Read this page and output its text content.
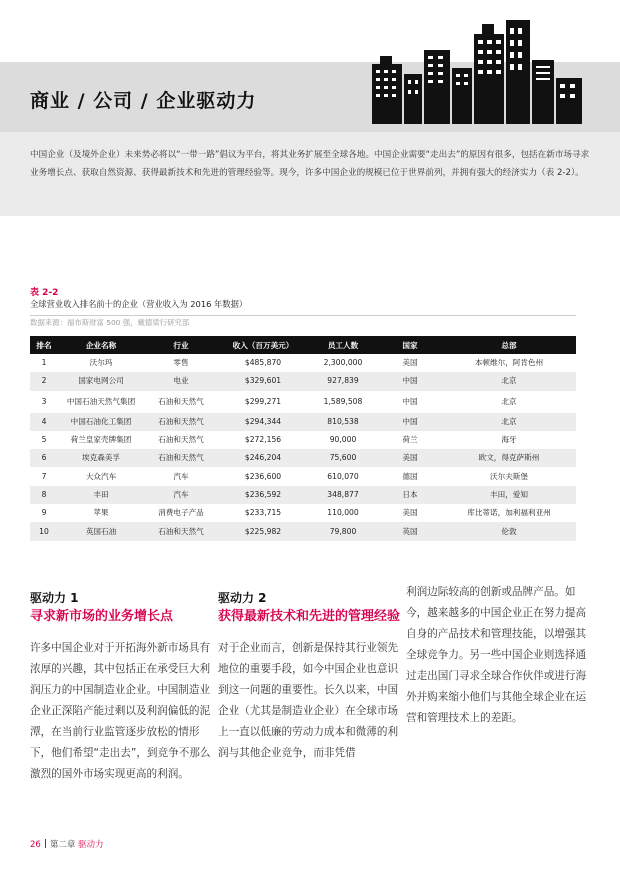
商业 / 公司 / 企业驱动力
中国企业（及境外企业）未来势必将以“一带一路”倡议为平台，将其业务扩展至全球各地。中国企业需要“走出去”的原因有很多，包括在新市场寻求业务增长点、获取自然资源、获得最新技术和先进的管理经验等。现今，许多中国企业的规模已位于世界前列，并拥有强大的经济实力（表 2-2）。
表 2-2
全球营业收入排名前十的企业（营业收入为 2016 年数据）
数据来源：福布斯财富 500 强，戴德梁行研究部
排名	企业名称	行业	收入（百万美元）	员工人数	国家	总部
1	沃尔玛	零售	$485,870	2,300,000	美国	本顿维尔，阿肯色州
2	国家电网公司	电业	$329,601	927,839	中国	北京
3	中国石油天然气集团	石油和天然气	$299,271	1,589,508	中国	北京
4	中国石油化工集团	石油和天然气	$294,344	810,538	中国	北京
5	荷兰皇家壳牌集团	石油和天然气	$272,156	90,000	荷兰	海牙
6	埃克森美孚	石油和天然气	$246,204	75,600	美国	欧文，得克萨斯州
7	大众汽车	汽车	$236,600	610,070	德国	沃尔夫斯堡
8	丰田	汽车	$236,592	348,877	日本	丰田，爱知
9	苹果	消费电子产品	$233,715	110,000	美国	库比蒂诺，加利福利亚州
10	英国石油	石油和天然气	$225,982	79,800	英国	伦敦
驱动力 1
寻求新市场的业务增长点

许多中国企业对于开拓海外新市场具有浓厚的兴趣，其中包括正在承受巨大利润压力的中国制造业企业。中国制造业企业正深陷产能过剩以及利润偏低的泥潭，在当前行业监管逐步放松的情形下，他们希望“走出去”，到竞争不那么激烈的国外市场实现更高的利润。

驱动力 2
获得最新技术和先进的管理经验

对于企业而言，创新是保持其行业领先地位的重要手段，如今中国企业也意识到这一问题的重要性。长久以来，中国企业（尤其是制造业企业）在全球市场上一直以低廉的劳动力成本和微薄的利润与其他企业竞争，而非凭借

利润边际较高的创新或品牌产品。如今，越来越多的中国企业正在努力提高自身的产品技术和管理技能，以增强其全球竞争力。另一些中国企业则选择通过走出国门寻求全球合作伙伴或进行海外并购来缩小他们与其他全球企业在运营和管理技术上的差距。

26 第二章 驱动力
